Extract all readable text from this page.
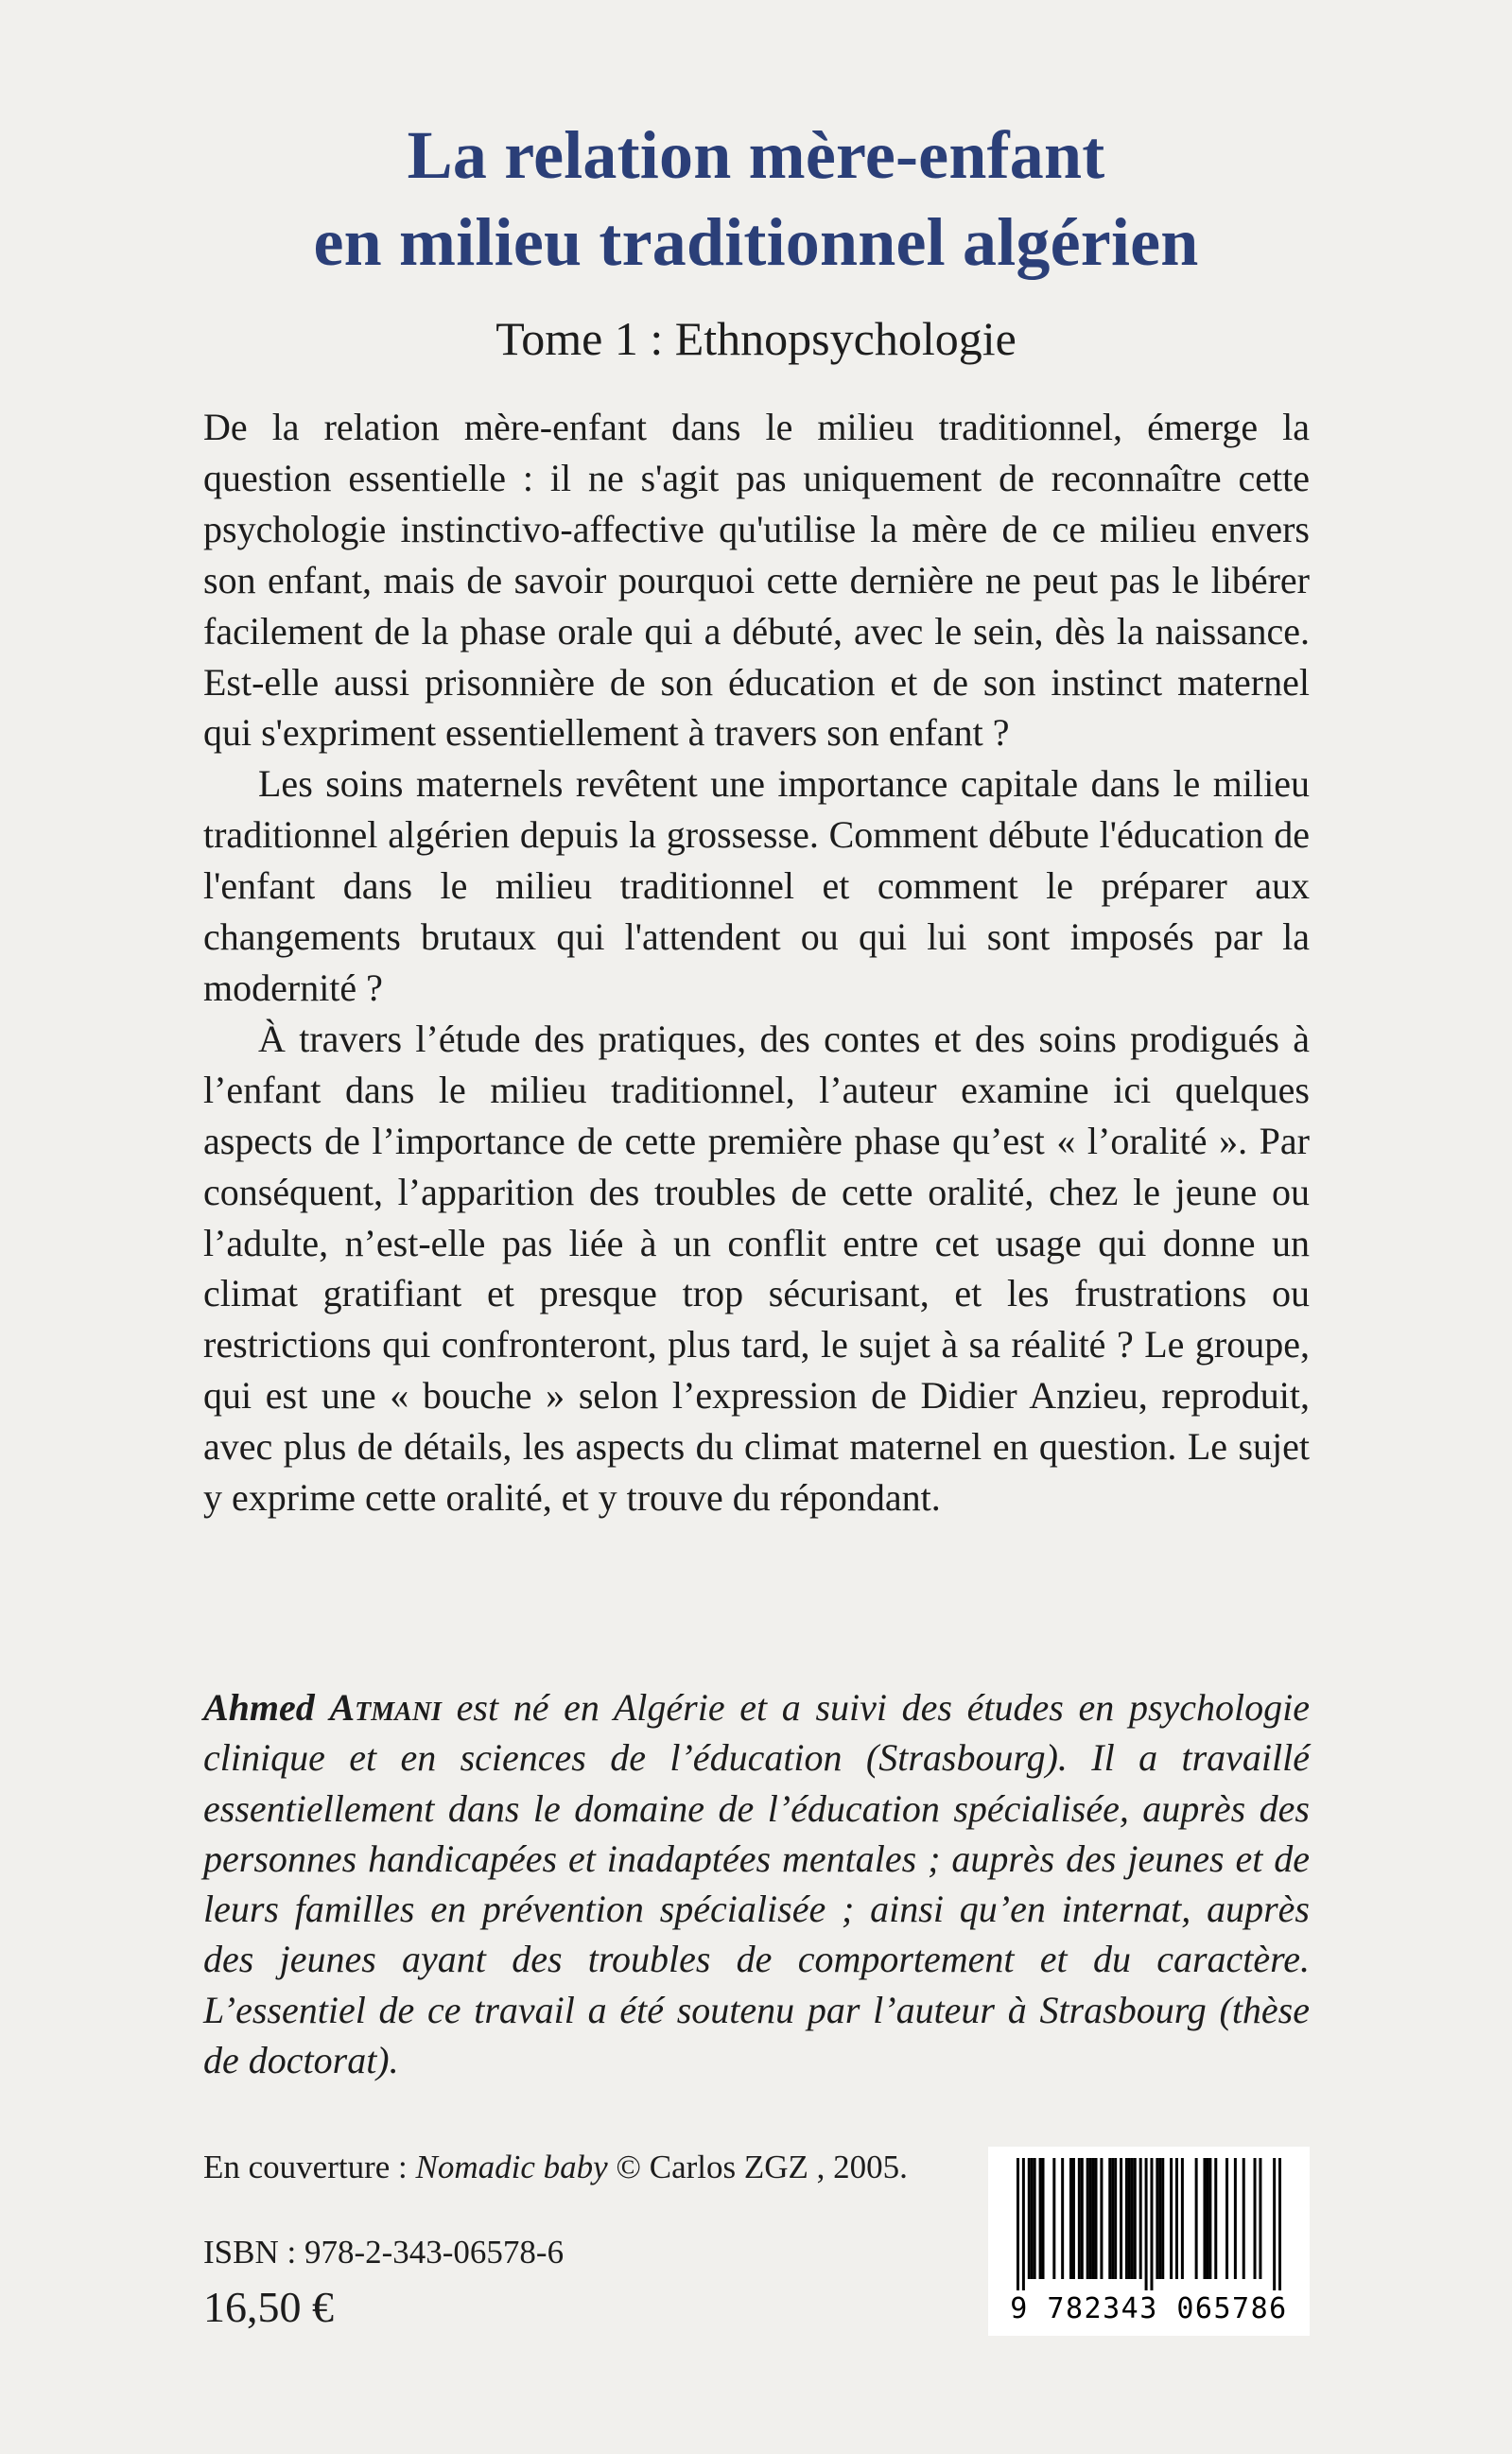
La relation mère-enfant
en milieu traditionnel algérien
Tome 1 : Ethnopsychologie

De la relation mère-enfant dans le milieu traditionnel, émerge la question essentielle : il ne s'agit pas uniquement de reconnaître cette psychologie instinctivo-affective qu'utilise la mère de ce milieu envers son enfant, mais de savoir pourquoi cette dernière ne peut pas le libérer facilement de la phase orale qui a débuté, avec le sein, dès la naissance. Est-elle aussi prisonnière de son éducation et de son instinct maternel qui s'expriment essentiellement à travers son enfant ?

Les soins maternels revêtent une importance capitale dans le milieu traditionnel algérien depuis la grossesse. Comment débute l'éducation de l'enfant dans le milieu traditionnel et comment le préparer aux changements brutaux qui l'attendent ou qui lui sont imposés par la modernité ?

À travers l’étude des pratiques, des contes et des soins prodigués à l’enfant dans le milieu traditionnel, l’auteur examine ici quelques aspects de l’importance de cette première phase qu’est « l’oralité ». Par conséquent, l’apparition des troubles de cette oralité, chez le jeune ou l’adulte, n’est-elle pas liée à un conflit entre cet usage qui donne un climat gratifiant et presque trop sécurisant, et les frustrations ou restrictions qui confronteront, plus tard, le sujet à sa réalité ? Le groupe, qui est une « bouche » selon l’expression de Didier Anzieu, reproduit, avec plus de détails, les aspects du climat maternel en question. Le sujet y exprime cette oralité, et y trouve du répondant.

Ahmed Atmani est né en Algérie et a suivi des études en psychologie clinique et en sciences de l’éducation (Strasbourg). Il a travaillé essentiellement dans le domaine de l’éducation spécialisée, auprès des personnes handicapées et inadaptées mentales ; auprès des jeunes et de leurs familles en prévention spécialisée ; ainsi qu’en internat, auprès des jeunes ayant des troubles de comportement et du caractère. L’essentiel de ce travail a été soutenu par l’auteur à Strasbourg (thèse de doctorat).

En couverture : Nomadic baby © Carlos ZGZ , 2005.
ISBN : 978-2-343-06578-6
16,50 €	9 782343 065786
